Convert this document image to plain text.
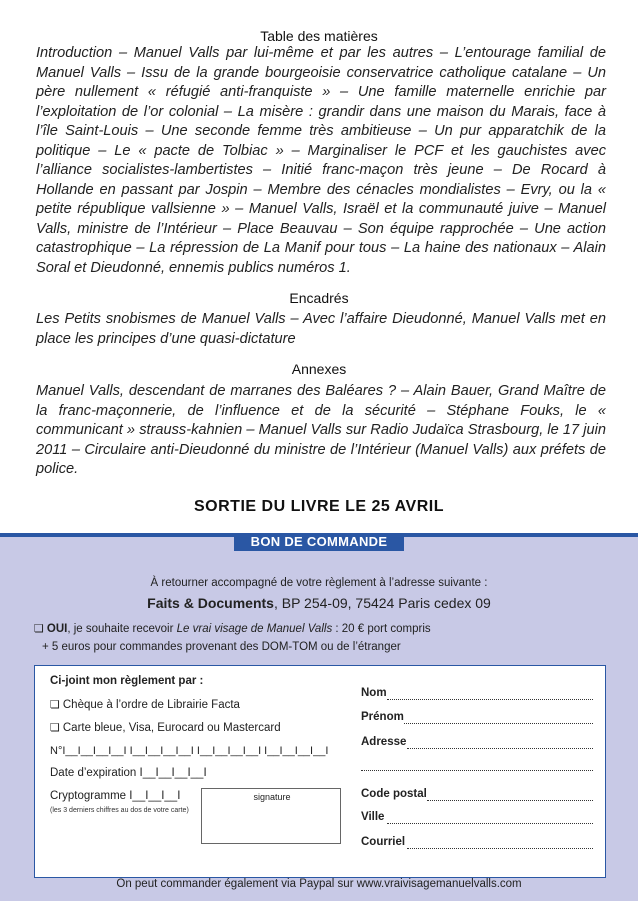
Table des matières
Introduction – Manuel Valls par lui-même et par les autres – L’entourage familial de Manuel Valls – Issu de la grande bourgeoisie conservatrice catholique catalane – Un père nullement « réfugié anti-franquiste » – Une famille maternelle enrichie par l’exploitation de l’or colonial – La misère : grandir dans une maison du Marais, face à l’île Saint-Louis – Une seconde femme très ambitieuse – Un pur apparatchik de la politique – Le « pacte de Tolbiac » – Marginaliser le PCF et les gauchistes avec l’alliance socialistes-lambertistes – Initié franc-maçon très jeune – De Rocard à Hollande en passant par Jospin – Membre des cénacles mondialistes – Evry, ou la « petite république vallsienne » – Manuel Valls, Israël et la communauté juive – Manuel Valls, ministre de l’Intérieur – Place Beauvau – Son équipe rapprochée – Une action catastrophique – La répression de La Manif pour tous – La haine des nationaux – Alain Soral et Dieudonné, ennemis publics numéros 1.
Encadrés
Les Petits snobismes de Manuel Valls – Avec l’affaire Dieudonné, Manuel Valls met en place les principes d’une quasi-dictature
Annexes
Manuel Valls, descendant de marranes des Baléares ? – Alain Bauer, Grand Maître de la franc-maçonnerie, de l’influence et de la sécurité – Stéphane Fouks, le « communicant » strauss-kahnien – Manuel Valls sur Radio Judaïca Strasbourg, le 17 juin 2011 – Circulaire anti-Dieudonné du ministre de l’Intérieur (Manuel Valls) aux préfets de police.
SORTIE DU LIVRE LE 25 AVRIL
BON DE COMMANDE
À retourner accompagné de votre règlement à l’adresse suivante :
Faits & Documents, BP 254-09, 75424 Paris cedex 09
❏ OUI, je souhaite recevoir Le vrai visage de Manuel Valls : 20 € port compris
+ 5 euros pour commandes provenant des DOM-TOM ou de l’étranger
Ci-joint mon règlement par :
❏ Chèque à l’ordre de Librairie Facta
❏ Carte bleue, Visa, Eurocard ou Mastercard
N°I__I__I__I__I I__I__I__I__I I__I__I__I__I I__I__I__I__I
Date d’expiration I__I__I__I__I
Cryptogramme I__I__I__I
(les 3 derniers chiffres au dos de votre carte)
signature
Nom
Prénom
Adresse
Code postal
Ville
Courriel
On peut commander également via Paypal sur www.vraivisagemanuelvalls.com
